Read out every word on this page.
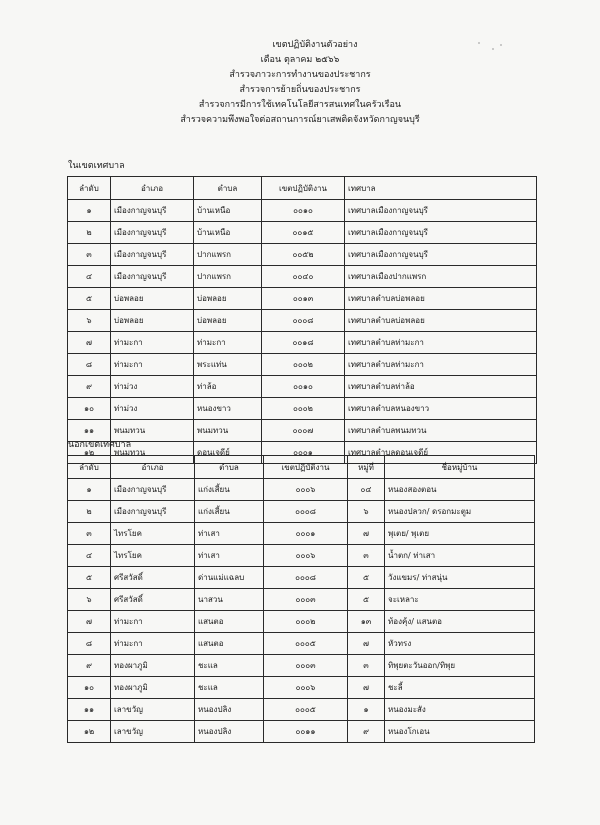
เขตปฏิบัติงานตัวอย่าง

เดือน ตุลาคม ๒๕๖๖

สำรวจภาวะการทำงานของประชากร

สำรวจการย้ายถิ่นของประชากร

สำรวจการมีการใช้เทคโนโลยีสารสนเทศในครัวเรือน

สำรวจความพึงพอใจต่อสถานการณ์ยาเสพติดจังหวัดกาญจนบุรี

ในเขตเทศบาล
ลำดับ	อำเภอ	ตำบล	เขตปฏิบัติงาน	เทศบาล
๑	เมืองกาญจนบุรี	บ้านเหนือ	๐๐๑๐	เทศบาลเมืองกาญจนบุรี
๒	เมืองกาญจนบุรี	บ้านเหนือ	๐๐๑๕	เทศบาลเมืองกาญจนบุรี
๓	เมืองกาญจนบุรี	ปากแพรก	๐๐๕๒	เทศบาลเมืองกาญจนบุรี
๔	เมืองกาญจนบุรี	ปากแพรก	๐๐๔๐	เทศบาลเมืองปากแพรก
๕	บ่อพลอย	บ่อพลอย	๐๐๑๓	เทศบาลตำบลบ่อพลอย
๖	บ่อพลอย	บ่อพลอย	๐๐๐๘	เทศบาลตำบลบ่อพลอย
๗	ท่ามะกา	ท่ามะกา	๐๐๑๘	เทศบาลตำบลท่ามะกา
๘	ท่ามะกา	พระแท่น	๐๐๐๒	เทศบาลตำบลท่ามะกา
๙	ท่าม่วง	ท่าล้อ	๐๐๑๐	เทศบาลตำบลท่าล้อ
๑๐	ท่าม่วง	หนองขาว	๐๐๐๒	เทศบาลตำบลหนองขาว
๑๑	พนมทวน	พนมทวน	๐๐๐๗	เทศบาลตำบลพนมทวน
๑๒	พนมทวน	ดอนเจดีย์	๐๐๐๑	เทศบาลตำบลดอนเจดีย์
นอกเขตเทศบาล
ลำดับ	อำเภอ	ตำบล	เขตปฏิบัติงาน	หมู่ที่	ชื่อหมู่บ้าน
๑	เมืองกาญจนบุรี	แก่งเสี้ยน	๐๐๐๖	๐๔	หนองสองตอน
๒	เมืองกาญจนบุรี	แก่งเสี้ยน	๐๐๐๘	๖	หนองปลวก/ ดรอกมะตูม
๓	ไทรโยค	ท่าเสา	๐๐๐๑	๗	พุเตย/ พุเตย
๔	ไทรโยค	ท่าเสา	๐๐๐๖	๓	น้ำตก/ ท่าเสา
๕	ศรีสวัสดิ์	ด่านแม่แฉลบ	๐๐๐๘	๕	วังแขมร/ ท่าสนุ่น
๖	ศรีสวัสดิ์	นาสวน	๐๐๐๓	๕	จะเหลาะ
๗	ท่ามะกา	แสนตอ	๐๐๐๒	๑๓	ท้องคุ้ง/ แสนตอ
๘	ท่ามะกา	แสนตอ	๐๐๐๕	๗	หัวทรง
๙	ทองผาภูมิ	ชะแล	๐๐๐๓	๓	ทิพุยตะวันออก/ทิพุย
๑๐	ทองผาภูมิ	ชะแล	๐๐๐๖	๗	ชะลี้
๑๑	เลาขวัญ	หนองปลิง	๐๐๐๕	๑	หนองมะสัง
๑๒	เลาขวัญ	หนองปลิง	๐๐๑๑	๙	หนองโกเอน
